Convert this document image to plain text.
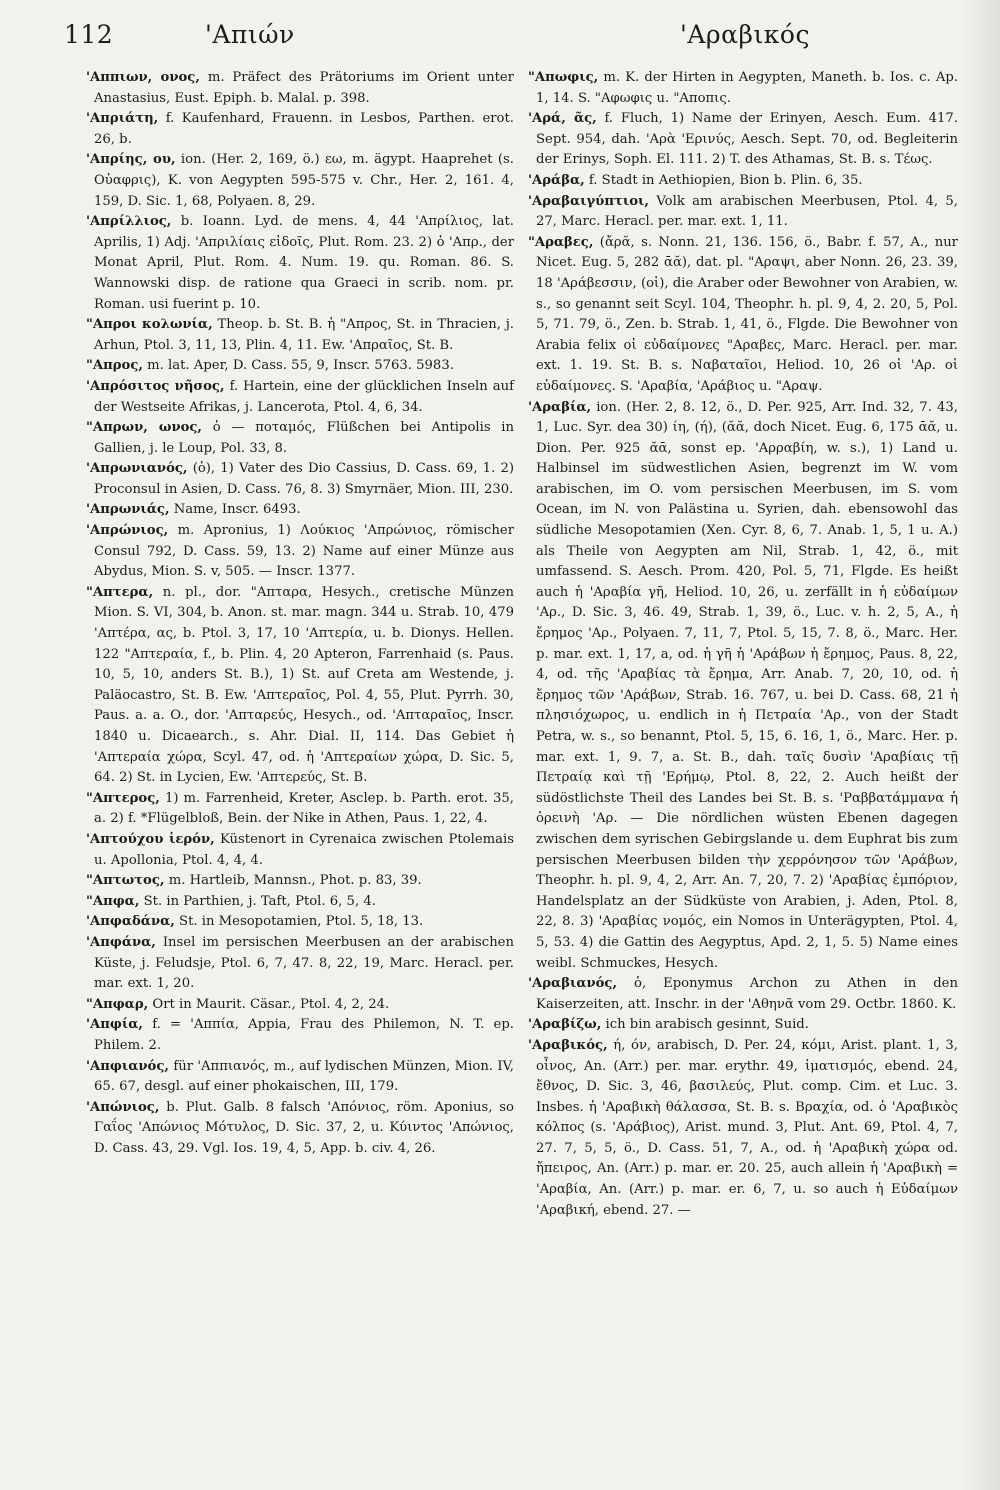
112	'Aπιών	'Aραβικός

'Aππιων, ονος, m. Präfect des Prätoriums im Orient unter Anastasius, Eust. Epiph. b. Malal. p. 398.

'Aπριάτη, f. Kaufenhard, Frauenn. in Lesbos, Parthen. erot. 26, b.

'Aπρίης, ου, ion. (Her. 2, 169, ö.) εω, m. ägypt. Haaprehet (s. Oὐαφρις), K. von Aegypten 595-575 v. Chr., Her. 2, 161. 4, 159, D. Sic. 1, 68, Polyaen. 8, 29.

'Aπρίλλιος, b. Ioann. Lyd. de mens. 4, 44 'Aπρίλιος, lat. Aprilis, 1) Adj. 'Aπριλίαις εἰδοῖς, Plut. Rom. 23. 2) ὁ 'Aπρ., der Monat April, Plut. Rom. 4. Num. 19. qu. Roman. 86. S. Wannowski disp. de ratione qua Graeci in scrib. nom. pr. Roman. usi fuerint p. 10.

"Aπροι κολωνία, Theop. b. St. B. ἡ "Aπρος, St. in Thracien, j. Arhun, Ptol. 3, 11, 13, Plin. 4, 11. Ew. 'Aπραῖος, St. B.

"Aπρος, m. lat. Aper, D. Cass. 55, 9, Inscr. 5763. 5983.

'Aπρόσιτος νῆσος, f. Hartein, eine der glücklichen Inseln auf der Westseite Afrikas, j. Lancerota, Ptol. 4, 6, 34.

"Aπρων, ωνος, ὁ — ποταμός, Flüßchen bei Antipolis in Gallien, j. le Loup, Pol. 33, 8.

'Aπρωνιανός, (ὁ), 1) Vater des Dio Cassius, D. Cass. 69, 1. 2) Proconsul in Asien, D. Cass. 76, 8. 3) Smyrnäer, Mion. III, 230.

'Aπρωνιάς, Name, Inscr. 6493.

'Aπρώνιος, m. Apronius, 1) Λούκιος 'Aπρώνιος, römischer Consul 792, D. Cass. 59, 13. 2) Name auf einer Münze aus Abydus, Mion. S. v, 505. — Inscr. 1377.

"Aπτερα, n. pl., dor. "Aπταρα, Hesych., cretische Münzen Mion. S. VI, 304, b. Anon. st. mar. magn. 344 u. Strab. 10, 479 'Aπτέρα, ας, b. Ptol. 3, 17, 10 'Aπτερία, u. b. Dionys. Hellen. 122 "Aπτεραία, f., b. Plin. 4, 20 Apteron, Farrenhaid (s. Paus. 10, 5, 10, anders St. B.), 1) St. auf Creta am Westende, j. Paläocastro, St. B. Ew. 'Aπτεραῖος, Pol. 4, 55, Plut. Pyrrh. 30, Paus. a. a. O., dor. 'Aπταρεύς, Hesych., od. 'Aπταραῖος, Inscr. 1840 u. Dicaearch., s. Ahr. Dial. II, 114. Das Gebiet ἡ 'Aπτεραία χώρα, Scyl. 47, od. ἡ 'Aπτεραίων χώρα, D. Sic. 5, 64. 2) St. in Lycien, Ew. 'Aπτερεύς, St. B.

"Aπτερος, 1) m. Farrenheid, Kreter, Asclep. b. Parth. erot. 35, a. 2) f. *Flügelbloß, Bein. der Nike in Athen, Paus. 1, 22, 4.

'Aπτούχου ἱερόν, Küstenort in Cyrenaica zwischen Ptolemais u. Apollonia, Ptol. 4, 4, 4.

"Aπτωτος, m. Hartleib, Mannsn., Phot. p. 83, 39.

"Aπφα, St. in Parthien, j. Taft, Ptol. 6, 5, 4.

'Aπφαδάνα, St. in Mesopotamien, Ptol. 5, 18, 13.

'Aπφάνα, Insel im persischen Meerbusen an der arabischen Küste, j. Feludsje, Ptol. 6, 7, 47. 8, 22, 19, Marc. Heracl. per. mar. ext. 1, 20.

"Aπφαρ, Ort in Maurit. Cäsar., Ptol. 4, 2, 24.

'Aπφία, f. = 'Aππία, Appia, Frau des Philemon, N. T. ep. Philem. 2.

'Aπφιανός, für 'Aππιανός, m., auf lydischen Münzen, Mion. IV, 65. 67, desgl. auf einer phokaischen, III, 179.

'Aπώνιος, b. Plut. Galb. 8 falsch 'Aπόνιος, röm. Aponius, so Γαΐος 'Aπώνιος Μότυλος, D. Sic. 37, 2, u. Κύιντος 'Aπώνιος, D. Cass. 43, 29. Vgl. Ios. 19, 4, 5, App. b. civ. 4, 26.

"Aπωφις, m. K. der Hirten in Aegypten, Maneth. b. Ios. c. Ap. 1, 14. S. "Aφωφις u. "Aποπις.

'Aρά, ᾶς, f. Fluch, 1) Name der Erinyen, Aesch. Eum. 417. Sept. 954, dah. 'Aρὰ 'Eρινύς, Aesch. Sept. 70, od. Begleiterin der Erinys, Soph. El. 111. 2) T. des Athamas, St. B. s. Tέως.

'Aράβα, f. Stadt in Aethiopien, Bion b. Plin. 6, 35.

'Aραβαιγύπτιοι, Volk am arabischen Meerbusen, Ptol. 4, 5, 27, Marc. Heracl. per. mar. ext. 1, 11.

"Aραβες, (ἄρᾰ, s. Nonn. 21, 136. 156, ö., Babr. f. 57, A., nur Nicet. Eug. 5, 282 ᾱᾰ), dat. pl. "Aραψι, aber Nonn. 26, 23. 39, 18 'Aράβεσσιν, (οἱ), die Araber oder Bewohner von Arabien, w. s., so genannt seit Scyl. 104, Theophr. h. pl. 9, 4, 2. 20, 5, Pol. 5, 71. 79, ö., Zen. b. Strab. 1, 41, ö., Flgde. Die Bewohner von Arabia felix οἱ εὐδαίμονες "Aραβες, Marc. Heracl. per. mar. ext. 1. 19. St. B. s. Ναβαταῖοι, Heliod. 10, 26 οἱ 'Aρ. οἱ εὐδαίμονες. S. 'Aραβία, 'Aράβιος u. "Aραψ.

'Aραβία, ion. (Her. 2, 8. 12, ö., D. Per. 925, Arr. Ind. 32, 7. 43, 1, Luc. Syr. dea 30) ίη, (ή), (ᾰᾰ, doch Nicet. Eug. 6, 175 ᾱᾰ, u. Dion. Per. 925 ᾰᾱ, sonst ep. 'Aρραβίη, w. s.), 1) Land u. Halbinsel im südwestlichen Asien, begrenzt im W. vom arabischen, im O. vom persischen Meerbusen, im S. vom Ocean, im N. von Palästina u. Syrien, dah. ebensowohl das südliche Mesopotamien (Xen. Cyr. 8, 6, 7. Anab. 1, 5, 1 u. A.) als Theile von Aegypten am Nil, Strab. 1, 42, ö., mit umfassend. S. Aesch. Prom. 420, Pol. 5, 71, Flgde. Es heißt auch ἡ 'Aραβία γῆ, Heliod. 10, 26, u. zerfällt in ἡ εὐδαίμων 'Aρ., D. Sic. 3, 46. 49, Strab. 1, 39, ö., Luc. v. h. 2, 5, A., ἡ ἔρημος 'Aρ., Polyaen. 7, 11, 7, Ptol. 5, 15, 7. 8, ö., Marc. Her. p. mar. ext. 1, 17, a, od. ἡ γῆ ἡ 'Aράβων ἡ ἔρημος, Paus. 8, 22, 4, od. τῆς 'Aραβίας τὰ ἔρημα, Arr. Anab. 7, 20, 10, od. ἡ ἔρημος τῶν 'Aράβων, Strab. 16. 767, u. bei D. Cass. 68, 21 ἡ πλησιόχωρος, u. endlich in ἡ Πετραία 'Aρ., von der Stadt Petra, w. s., so benannt, Ptol. 5, 15, 6. 16, 1, ö., Marc. Her. p. mar. ext. 1, 9. 7, a. St. B., dah. ταῖς δυσὶν 'Aραβίαις τῇ Πετραίᾳ καὶ τῇ 'Eρήμῳ, Ptol. 8, 22, 2. Auch heißt der südöstlichste Theil des Landes bei St. B. s. 'Pαββατάμμανα ἡ ὀρεινὴ 'Aρ. — Die nördlichen wüsten Ebenen dagegen zwischen dem syrischen Gebirgslande u. dem Euphrat bis zum persischen Meerbusen bilden τὴν χερρόνησον τῶν 'Aράβων, Theophr. h. pl. 9, 4, 2, Arr. An. 7, 20, 7. 2) 'Aραβίας ἐμπόριον, Handelsplatz an der Südküste von Arabien, j. Aden, Ptol. 8, 22, 8. 3) 'Aραβίας νομός, ein Nomos in Unterägypten, Ptol. 4, 5, 53. 4) die Gattin des Aegyptus, Apd. 2, 1, 5. 5) Name eines weibl. Schmuckes, Hesych.

'Aραβιανός, ὁ, Eponymus Archon zu Athen in den Kaiserzeiten, att. Inschr. in der 'Aθηνᾶ vom 29. Octbr. 1860. K.

'Aραβίζω, ich bin arabisch gesinnt, Suid.

'Aραβικός, ή, όν, arabisch, D. Per. 24, κόμι, Arist. plant. 1, 3, οἶνος, An. (Arr.) per. mar. erythr. 49, ἱματισμός, ebend. 24, ἔθνος, D. Sic. 3, 46, βασιλεύς, Plut. comp. Cim. et Luc. 3. Insbes. ἡ 'Aραβικὴ θάλασσα, St. B. s. Bραχία, od. ὁ 'Aραβικὸς κόλπος (s. 'Aράβιος), Arist. mund. 3, Plut. Ant. 69, Ptol. 4, 7, 27. 7, 5, 5, ö., D. Cass. 51, 7, A., od. ἡ 'Aραβικὴ χώρα od. ἤπειρος, An. (Arr.) p. mar. er. 20. 25, auch allein ἡ 'Aραβικὴ = 'Aραβία, An. (Arr.) p. mar. er. 6, 7, u. so auch ἡ Eὐδαίμων 'Aραβική, ebend. 27. —
